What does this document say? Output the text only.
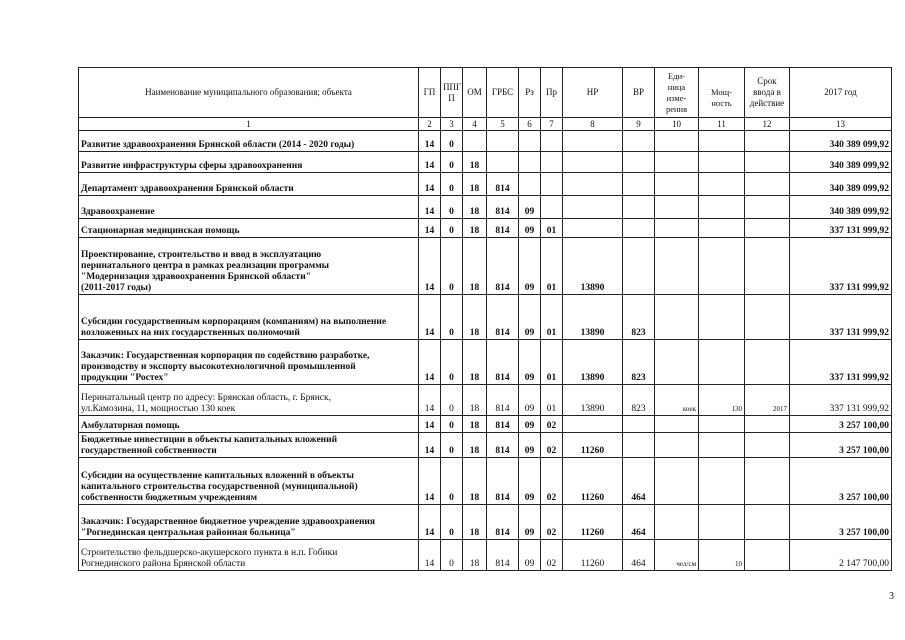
Наименование муниципального образования; объекта	ГП	ППГ
П	ОМ	ГРБС	Рз	Пр	НР	ВР	Еди-
ница изме-
рения	Мощ-
ность	Срок
ввода в
действие	2017 год
1	2	3	4	5	6	7	8	9	10	11	12	13
Развитие здравоохранения Брянской области (2014 - 2020 годы)	14	0										340 389 099,92
Развитие инфраструктуры сферы здравоохранения	14	0	18									340 389 099,92
Департамент здравоохранения Брянской области	14	0	18	814								340 389 099,92
Здравоохранение	14	0	18	814	09							340 389 099,92
Стационарная медицинская помощь	14	0	18	814	09	01						337 131 999,92
Проектирование, строительство и ввод в эксплуатацию
перинатального центра в рамках реализации программы
"Модернизация здравоохранения Брянской области"
(2011-2017 годы)	14	0	18	814	09	01	13890					337 131 999,92
Субсидии государственным корпорациям (компаниям) на выполнение
возложенных на них государственных полномочий	14	0	18	814	09	01	13890	823				337 131 999,92
Заказчик: Государственная корпорация по содействию разработке,
производству и экспорту высокотехнологичной промышленной
продукции "Ростех"	14	0	18	814	09	01	13890	823				337 131 999,92
Перинатальный центр по адресу: Брянская область, г. Брянск,
ул.Камозина, 11, мощностью 130 коек	14	0	18	814	09	01	13890	823	коек	130	2017	337 131 999,92
Амбулаторная помощь	14	0	18	814	09	02						3 257 100,00
Бюджетные инвестиции в объекты капитальных вложений
государственной собственности	14	0	18	814	09	02	11260					3 257 100,00
Субсидии на осуществление капитальных вложений в объекты
капитального строительства государственной (муниципальной)
собственности бюджетным учреждениям	14	0	18	814	09	02	11260	464				3 257 100,00
Заказчик: Государственное бюджетное учреждение здравоохранения
"Рогнединская центральная районная больница"	14	0	18	814	09	02	11260	464				3 257 100,00
Строительство фельдшерско-акушерского пункта в н.п. Гобики
Рогнединского района Брянской области	14	0	18	814	09	02	11260	464	чел/см	10		2 147 700,00
3
